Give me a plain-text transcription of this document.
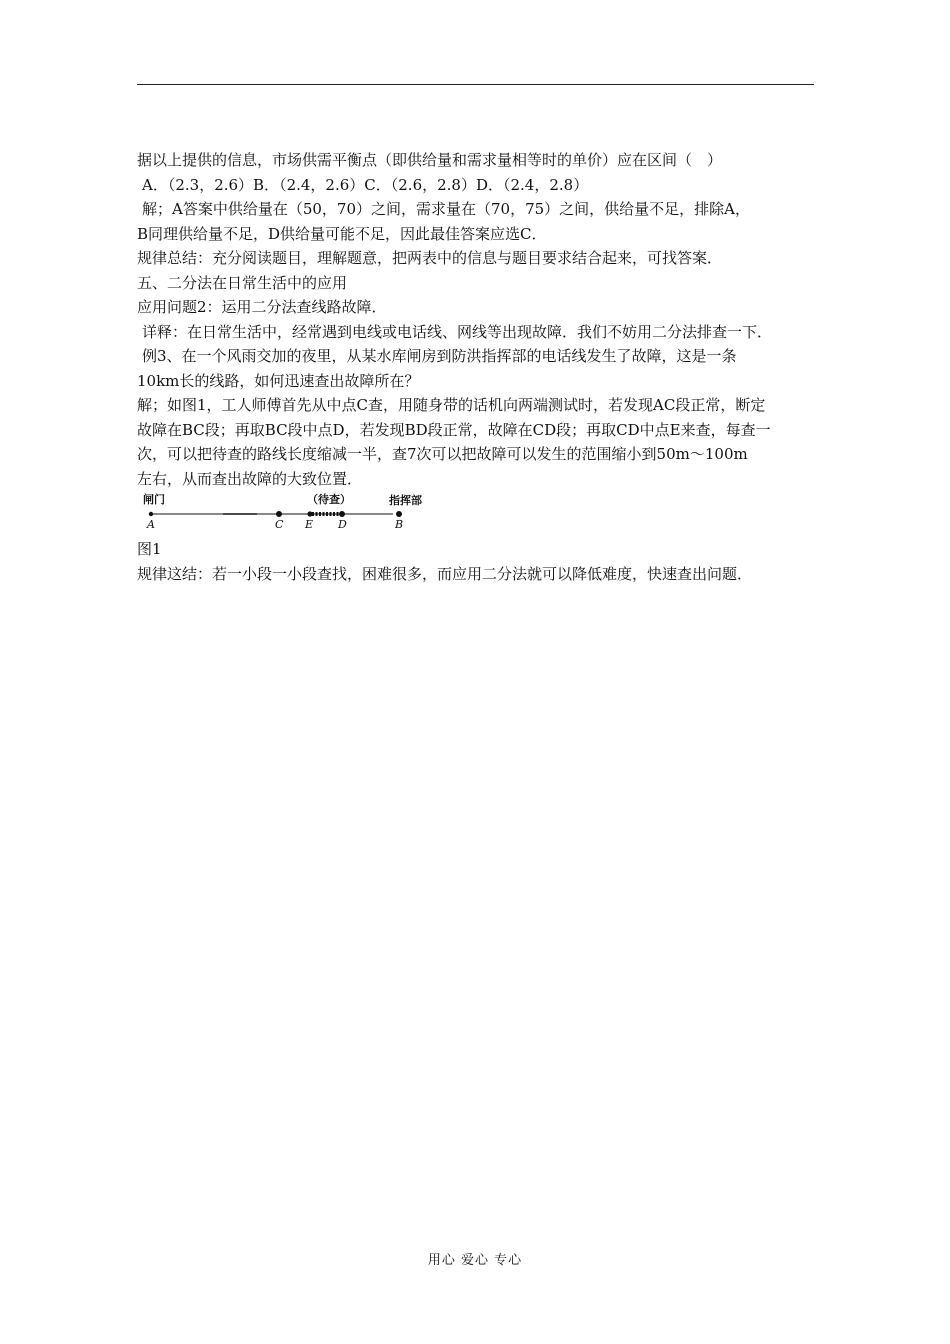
据以上提供的信息，市场供需平衡点（即供给量和需求量相等时的单价）应在区间（　）
A．（2.3，2.6）B．（2.4，2.6）C．（2.6，2.8）D．（2.4，2.8）
解；A答案中供给量在（50，70）之间，需求量在（70，75）之间，供给量不足，排除A，
B同理供给量不足，D供给量可能不足，因此最佳答案应选C．
规律总结：充分阅读题目，理解题意，把两表中的信息与题目要求结合起来，可找答案．
五、二分法在日常生活中的应用
应用问题2：运用二分法查线路故障．
详释：在日常生活中，经常遇到电线或电话线、网线等出现故障．我们不妨用二分法排查一下．
例3、在一个风雨交加的夜里，从某水库闸房到防洪指挥部的电话线发生了故障，这是一条
10km长的线路，如何迅速查出故障所在？
解；如图1，工人师傅首先从中点C查，用随身带的话机向两端测试时，若发现AC段正常，断定
故障在BC段；再取BC段中点D，若发现BD段正常，故障在CD段；再取CD中点E来查，每查一
次，可以把待查的路线长度缩减一半，查7次可以把故障可以发生的范围缩小到50m～100m
左右，从而查出故障的大致位置．
闸门	（待查）	指挥部
A	C E D	B
图1
规律这结：若一小段一小段查找，困难很多，而应用二分法就可以降低难度，快速查出问题．
用心 爱心 专心
